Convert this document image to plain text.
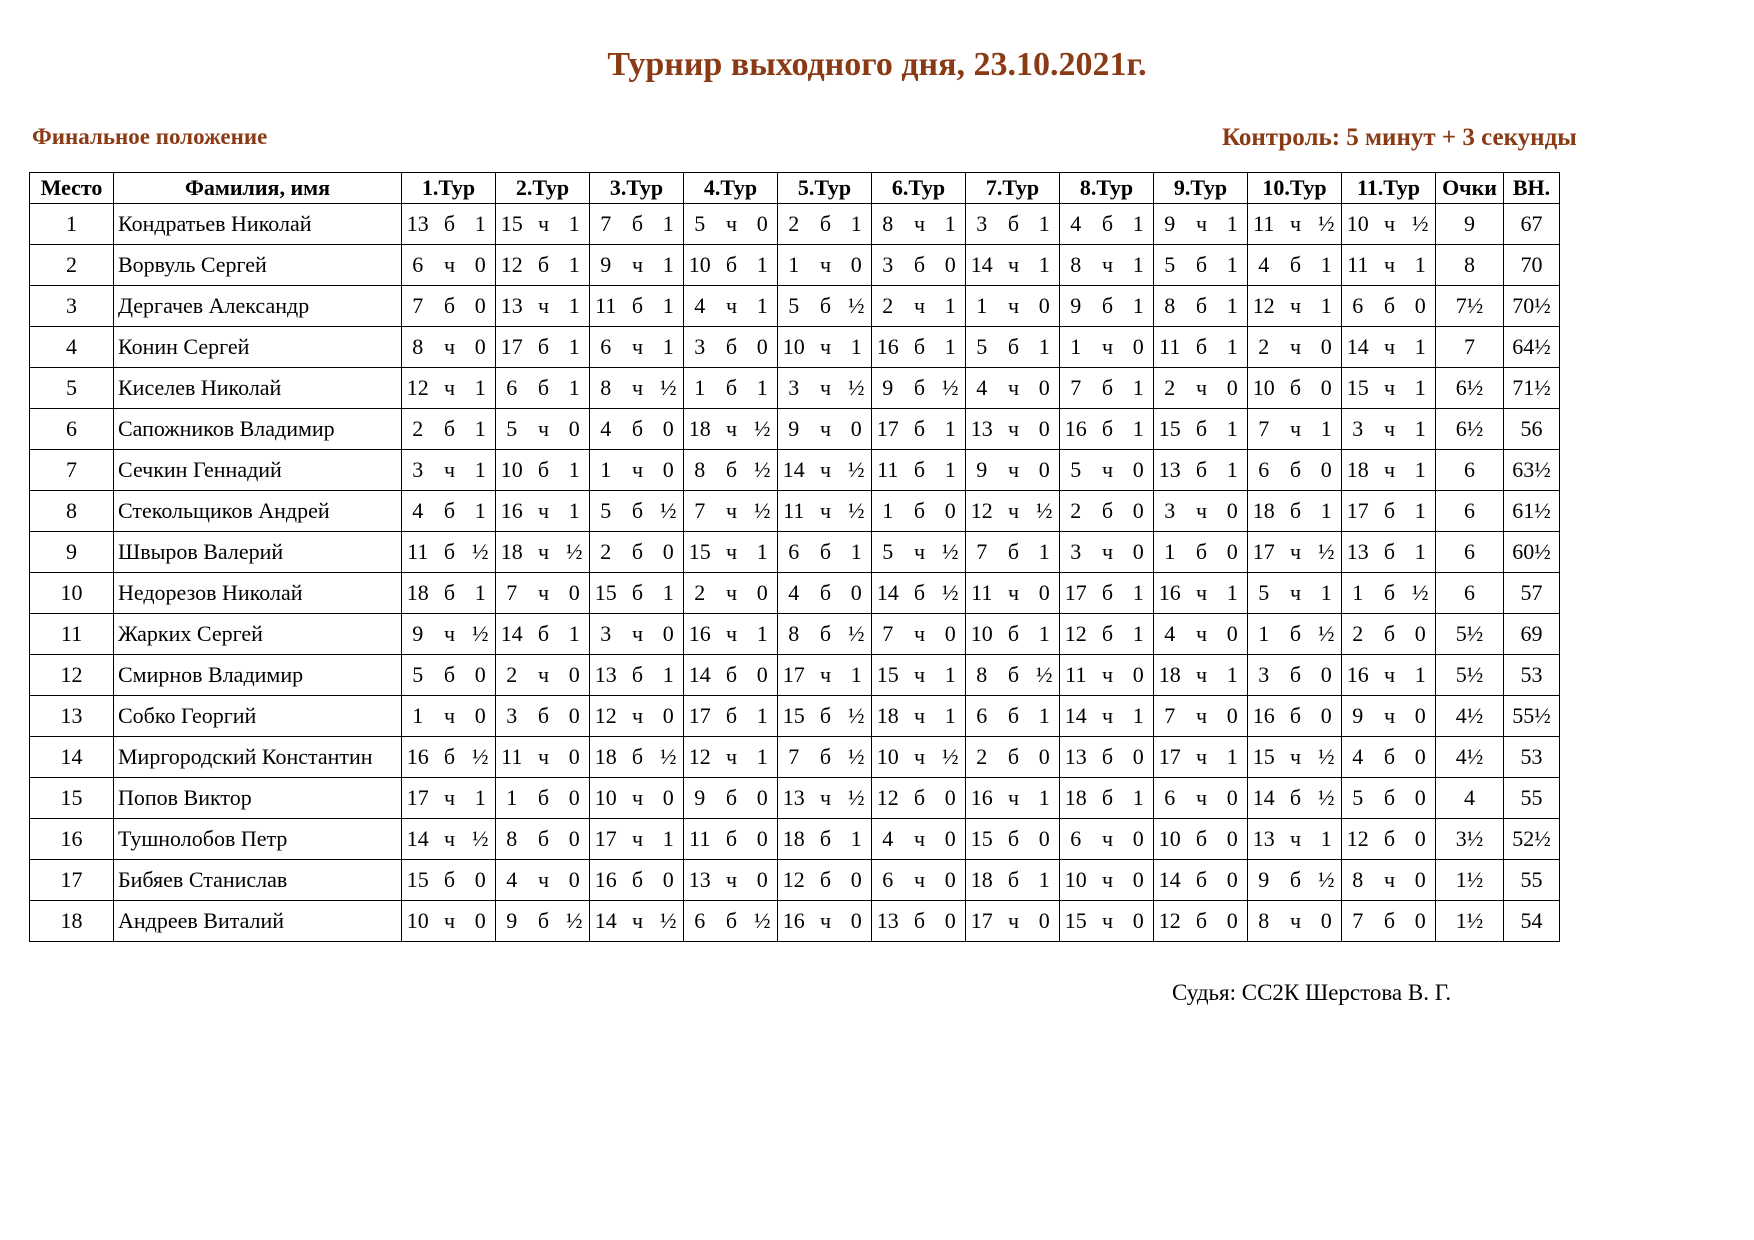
Турнир выходного дня, 23.10.2021г.
Финальное положение	Контроль: 5 минут + 3 секунды
Место	Фамилия, имя	1.Тур			2.Тур			3.Тур			4.Тур			5.Тур			6.Тур			7.Тур			8.Тур			9.Тур			10.Тур			11.Тур			Очки	ВН.
1	Кондратьев Николай	13	б	1	15	ч	1	7	б	1	5	ч	0	2	б	1	8	ч	1	3	б	1	4	б	1	9	ч	1	11	ч	½	10	ч	½	9	67
2	Ворвуль Сергей	6	ч	0	12	б	1	9	ч	1	10	б	1	1	ч	0	3	б	0	14	ч	1	8	ч	1	5	б	1	4	б	1	11	ч	1	8	70
3	Дергачев Александр	7	б	0	13	ч	1	11	б	1	4	ч	1	5	б	½	2	ч	1	1	ч	0	9	б	1	8	б	1	12	ч	1	6	б	0	7½	70½
4	Конин Сергей	8	ч	0	17	б	1	6	ч	1	3	б	0	10	ч	1	16	б	1	5	б	1	1	ч	0	11	б	1	2	ч	0	14	ч	1	7	64½
5	Киселев Николай	12	ч	1	6	б	1	8	ч	½	1	б	1	3	ч	½	9	б	½	4	ч	0	7	б	1	2	ч	0	10	б	0	15	ч	1	6½	71½
6	Сапожников Владимир	2	б	1	5	ч	0	4	б	0	18	ч	½	9	ч	0	17	б	1	13	ч	0	16	б	1	15	б	1	7	ч	1	3	ч	1	6½	56
7	Сечкин Геннадий	3	ч	1	10	б	1	1	ч	0	8	б	½	14	ч	½	11	б	1	9	ч	0	5	ч	0	13	б	1	6	б	0	18	ч	1	6	63½
8	Стекольщиков Андрей	4	б	1	16	ч	1	5	б	½	7	ч	½	11	ч	½	1	б	0	12	ч	½	2	б	0	3	ч	0	18	б	1	17	б	1	6	61½
9	Швыров Валерий	11	б	½	18	ч	½	2	б	0	15	ч	1	6	б	1	5	ч	½	7	б	1	3	ч	0	1	б	0	17	ч	½	13	б	1	6	60½
10	Недорезов Николай	18	б	1	7	ч	0	15	б	1	2	ч	0	4	б	0	14	б	½	11	ч	0	17	б	1	16	ч	1	5	ч	1	1	б	½	6	57
11	Жарких Сергей	9	ч	½	14	б	1	3	ч	0	16	ч	1	8	б	½	7	ч	0	10	б	1	12	б	1	4	ч	0	1	б	½	2	б	0	5½	69
12	Смирнов Владимир	5	б	0	2	ч	0	13	б	1	14	б	0	17	ч	1	15	ч	1	8	б	½	11	ч	0	18	ч	1	3	б	0	16	ч	1	5½	53
13	Собко Георгий	1	ч	0	3	б	0	12	ч	0	17	б	1	15	б	½	18	ч	1	6	б	1	14	ч	1	7	ч	0	16	б	0	9	ч	0	4½	55½
14	Миргородский Константин	16	б	½	11	ч	0	18	б	½	12	ч	1	7	б	½	10	ч	½	2	б	0	13	б	0	17	ч	1	15	ч	½	4	б	0	4½	53
15	Попов Виктор	17	ч	1	1	б	0	10	ч	0	9	б	0	13	ч	½	12	б	0	16	ч	1	18	б	1	6	ч	0	14	б	½	5	б	0	4	55
16	Тушнолобов Петр	14	ч	½	8	б	0	17	ч	1	11	б	0	18	б	1	4	ч	0	15	б	0	6	ч	0	10	б	0	13	ч	1	12	б	0	3½	52½
17	Бибяев Станислав	15	б	0	4	ч	0	16	б	0	13	ч	0	12	б	0	6	ч	0	18	б	1	10	ч	0	14	б	0	9	б	½	8	ч	0	1½	55
18	Андреев Виталий	10	ч	0	9	б	½	14	ч	½	6	б	½	16	ч	0	13	б	0	17	ч	0	15	ч	0	12	б	0	8	ч	0	7	б	0	1½	54
Судья: СС2К Шерстова В. Г.
